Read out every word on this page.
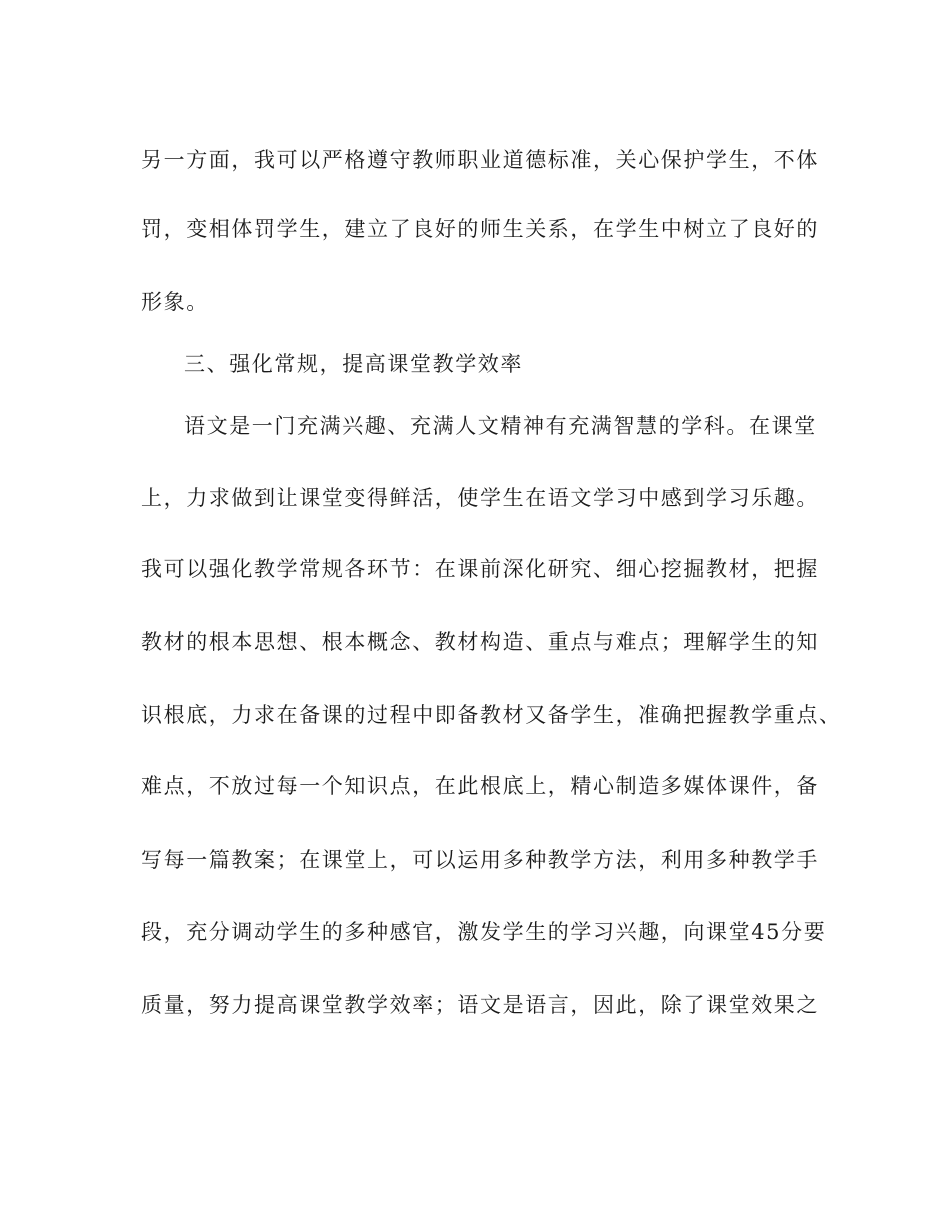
另一方面，我可以严格遵守教师职业道德标准，关心保护学生，不体
罚，变相体罚学生，建立了良好的师生关系，在学生中树立了良好的
形象。
三、强化常规，提高课堂教学效率
语文是一门充满兴趣、充满人文精神有充满智慧的学科。在课堂
上，力求做到让课堂变得鲜活，使学生在语文学习中感到学习乐趣。
我可以强化教学常规各环节：在课前深化研究、细心挖掘教材，把握
教材的根本思想、根本概念、教材构造、重点与难点；理解学生的知
识根底，力求在备课的过程中即备教材又备学生，准确把握教学重点、
难点，不放过每一个知识点，在此根底上，精心制造多媒体课件，备
写每一篇教案；在课堂上，可以运用多种教学方法，利用多种教学手
段，充分调动学生的多种感官，激发学生的学习兴趣，向课堂45分要
质量，努力提高课堂教学效率；语文是语言，因此，除了课堂效果之
